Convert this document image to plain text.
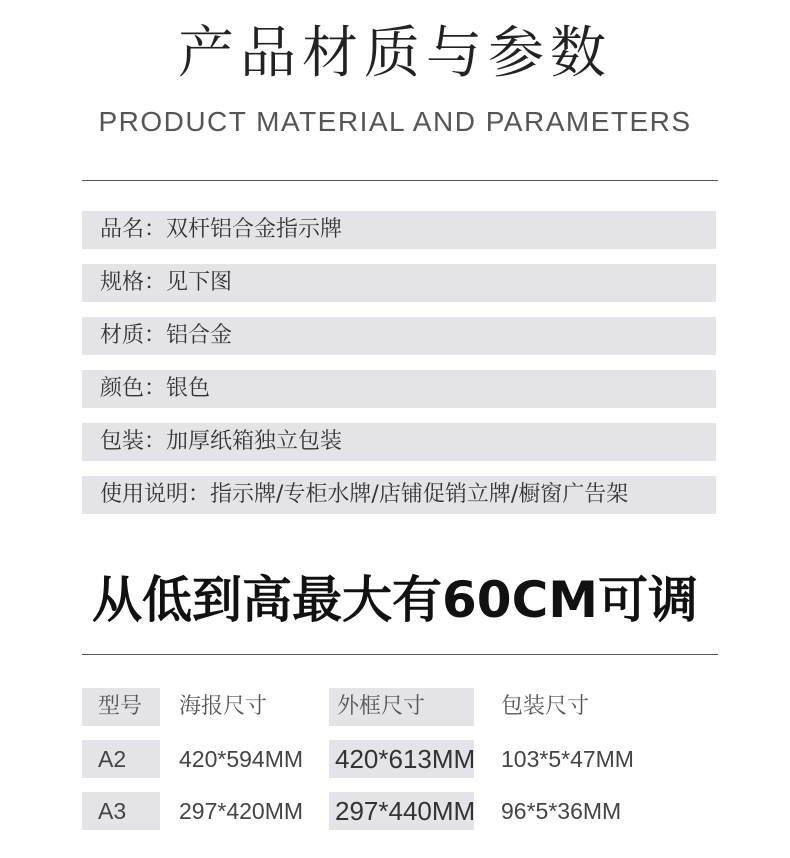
产品材质与参数
PRODUCT MATERIAL AND PARAMETERS
品名：双杆铝合金指示牌
规格：见下图
材质：铝合金
颜色：银色
包装：加厚纸箱独立包装
使用说明：指示牌/专柜水牌/店铺促销立牌/橱窗广告架
从低到高最大有60CM可调
型号	海报尺寸	外框尺寸	包装尺寸
A2	420*594MM	420*613MM	103*5*47MM
A3	297*420MM	297*440MM	96*5*36MM
